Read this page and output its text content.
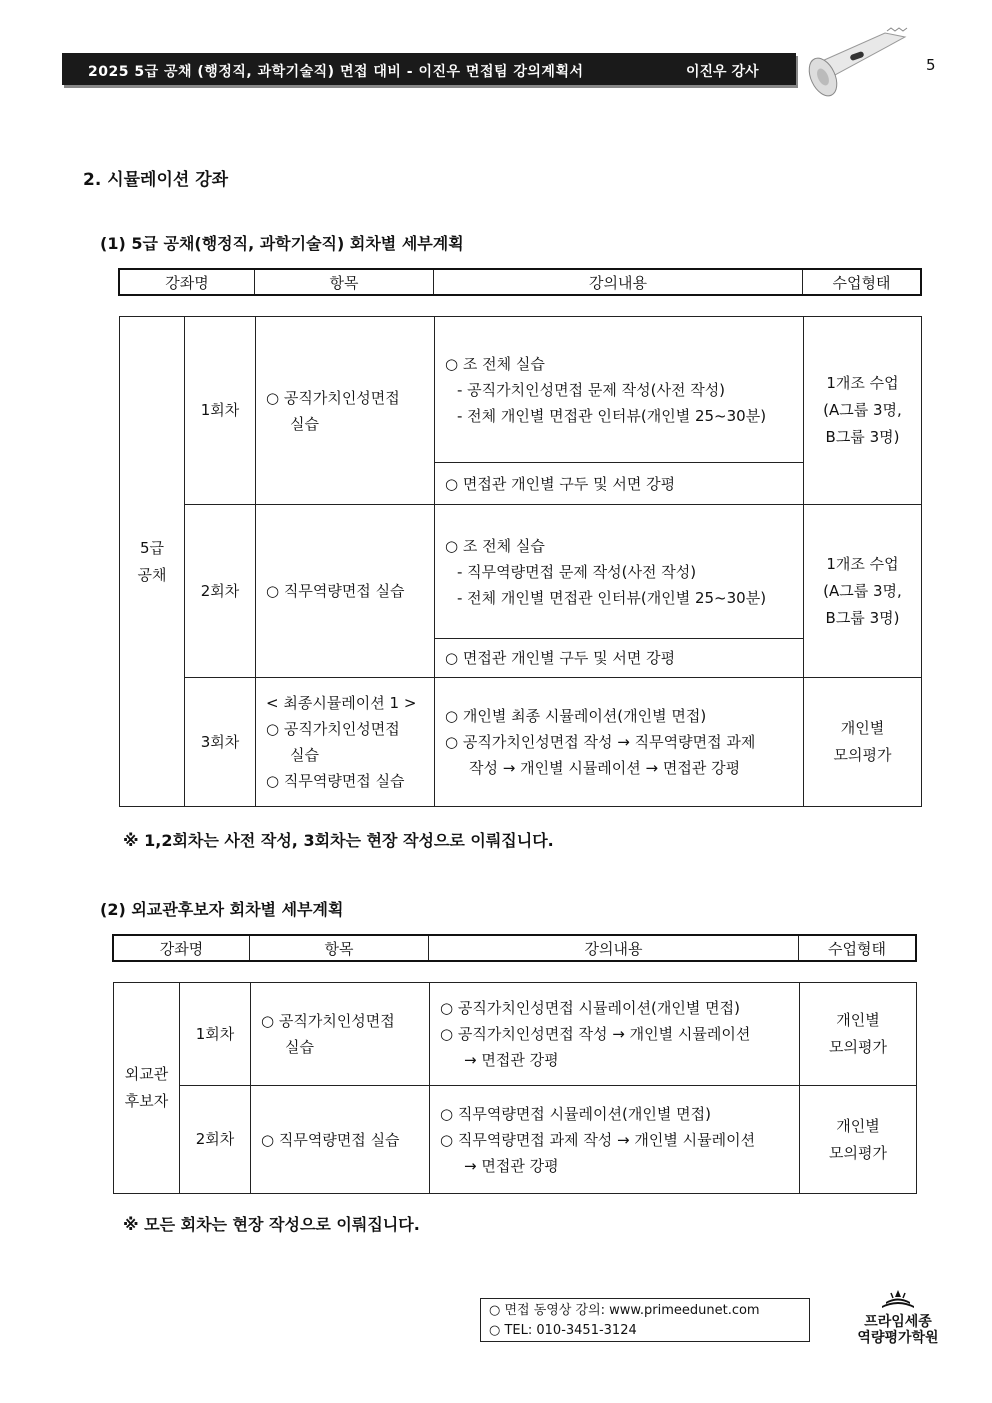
2025 5급 공채 (행정직, 과학기술직) 면접 대비 - 이진우 면접팀 강의계획서	이진우 강사	5
2. 시뮬레이션 강좌
(1) 5급 공채(행정직, 과학기술직) 회차별 세부계획
강좌명	항목	강의내용	수업형태
5급 공채	1회차	○ 공직가치인성면접
실습	○ 조 전체 실습
- 공직가치인성면접 문제 작성(사전 작성)
- 전체 개인별 면접관 인터뷰(개인별 25~30분)	1개조 수업
(A그룹 3명,
B그룹 3명)

			○ 면접관 개인별 구두 및 서면 강평	
	2회차	○ 직무역량면접 실습	○ 조 전체 실습
- 직무역량면접 문제 작성(사전 작성)
- 전체 개인별 면접관 인터뷰(개인별 25~30분)	1개조 수업
(A그룹 3명,
B그룹 3명)

			○ 면접관 개인별 구두 및 서면 강평	
	3회차	< 최종시뮬레이션 1 >
○ 공직가치인성면접
실습
○ 직무역량면접 실습	○ 개인별 최종 시뮬레이션(개인별 면접)
○ 공직가치인성면접 작성 → 직무역량면접 과제
작성 → 개인별 시뮬레이션 → 면접관 강평	개인별
모의평가
※ 1,2회차는 사전 작성, 3회차는 현장 작성으로 이뤄집니다.
(2) 외교관후보자 회차별 세부계획
강좌명	항목	강의내용	수업형태
외교관
후보자	1회차	○ 공직가치인성면접
실습	○ 공직가치인성면접 시뮬레이션(개인별 면접)
○ 공직가치인성면접 작성 → 개인별 시뮬레이션
→ 면접관 강평	개인별
모의평가

	2회차	○ 직무역량면접 실습	○ 직무역량면접 시뮬레이션(개인별 면접)
○ 직무역량면접 과제 작성 → 개인별 시뮬레이션
→ 면접관 강평	개인별
모의평가
※ 모든 회차는 현장 작성으로 이뤄집니다.
○ 면접 동영상 강의: www.primeedunet.com
○ TEL: 010-3451-3124
프라임세종
역량평가학원
